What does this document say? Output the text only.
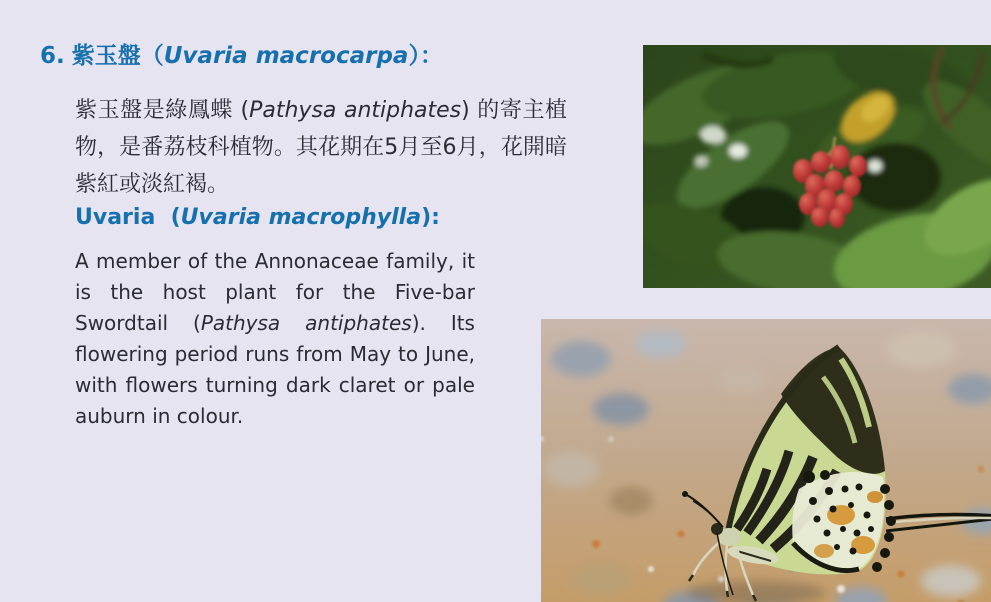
6. 紫玉盤（Uvaria macrocarpa）：

紫玉盤是綠鳳蝶 (Pathysa antiphates) 的寄主植物，是番荔枝科植物。其花期在5月至6月，花開暗紫紅或淡紅褐。

Uvaria  (Uvaria macrophylla):

A member of the Annonaceae family, it is the host plant for the Five-bar Swordtail (Pathysa antiphates). Its flowering period runs from May to June, with flowers turning dark claret or pale auburn in colour.
